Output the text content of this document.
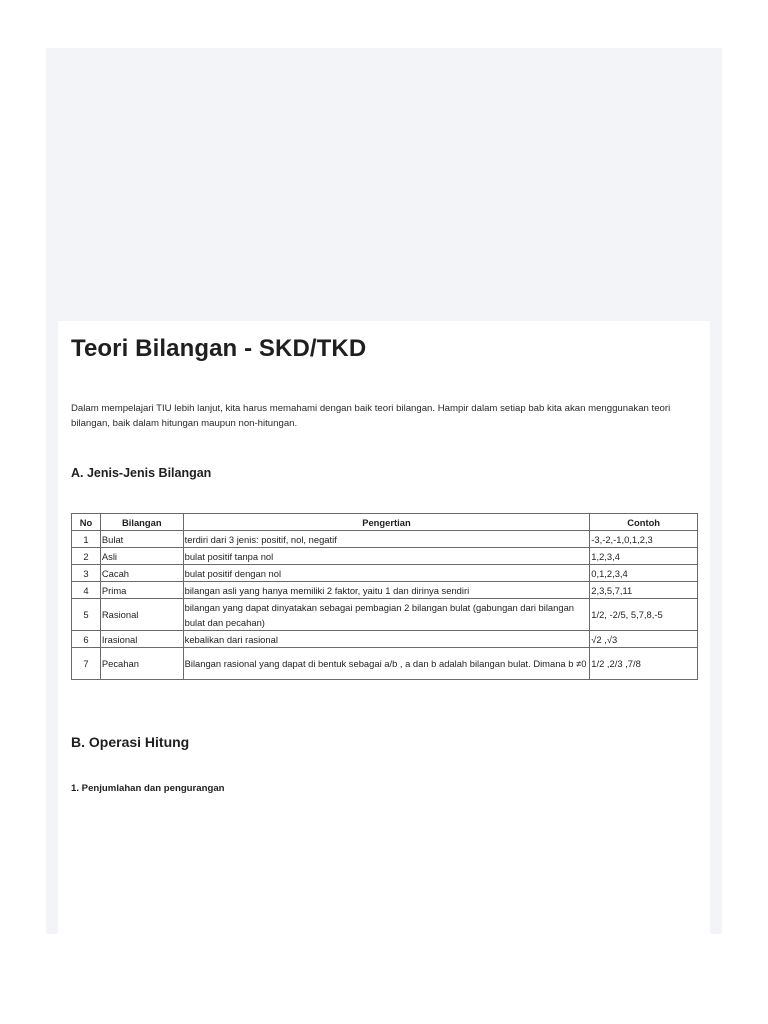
Teori Bilangan - SKD/TKD

Dalam mempelajari TIU lebih lanjut, kita harus memahami dengan baik teori bilangan. Hampir dalam setiap bab kita akan menggunakan teori bilangan, baik dalam hitungan maupun non-hitungan.

A. Jenis-Jenis Bilangan
No	Bilangan	Pengertian	Contoh
1	Bulat	terdiri dari 3 jenis: positif, nol, negatif	-3,-2,-1,0,1,2,3
2	Asli	bulat positif tanpa nol	1,2,3,4
3	Cacah	bulat positif dengan nol	0,1,2,3,4
4	Prima	bilangan asli yang hanya memiliki 2 faktor, yaitu 1 dan dirinya sendiri	2,3,5,7,11
5	Rasional	bilangan yang dapat dinyatakan sebagai pembagian 2 bilangan bulat (gabungan dari bilangan bulat dan pecahan)	1/2, -2/5, 5,7,8,-5
6	Irasional	kebalikan dari rasional	√2 ,√3
7	Pecahan	Bilangan rasional yang dapat di bentuk sebagai a/b , a dan b adalah bilangan bulat. Dimana b ≠0	1/2 ,2/3 ,7/8
B. Operasi Hitung
1. Penjumlahan dan pengurangan
